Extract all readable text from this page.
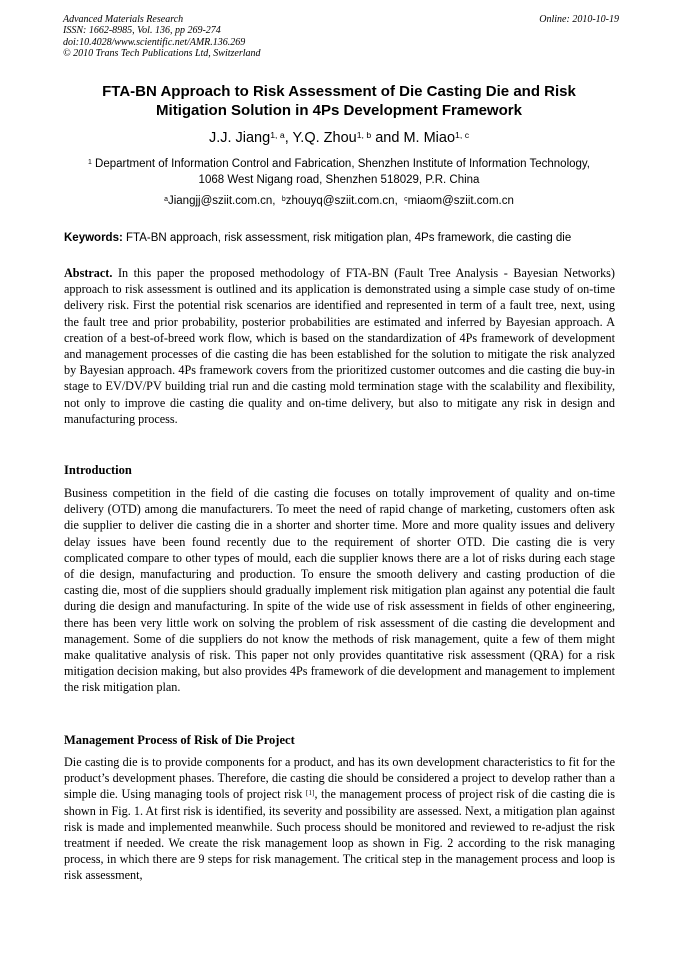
Advanced Materials Research
ISSN: 1662-8985, Vol. 136, pp 269-274
doi:10.4028/www.scientific.net/AMR.136.269
© 2010 Trans Tech Publications Ltd, Switzerland
Online: 2010-10-19
FTA-BN Approach to Risk Assessment of Die Casting Die and Risk
Mitigation Solution in 4Ps Development Framework
J.J. Jiang$^{1, a}$, Y.Q. Zhou$^{1, b}$ and M. Miao$^{1, c}$
$^1$ Department of Information Control and Fabrication, Shenzhen Institute of Information Technology,
1068 West Nigang road, Shenzhen 518029, P.R. China
$^a$Jiangjj@sziit.com.cn, $^b$zhouyq@sziit.com.cn, $^c$miaom@sziit.com.cn
Keywords: FTA-BN approach, risk assessment, risk mitigation plan, 4Ps framework, die casting die
Abstract. In this paper the proposed methodology of FTA-BN (Fault Tree Analysis - Bayesian Networks) approach to risk assessment is outlined and its application is demonstrated using a simple case study of on-time delivery risk. First the potential risk scenarios are identified and represented in term of a fault tree, next, using the fault tree and prior probability, posterior probabilities are estimated and inferred by Bayesian approach. A creation of a best-of-breed work flow, which is based on the standardization of 4Ps framework of development and management processes of die casting die has been established for the solution to mitigate the risk analyzed by Bayesian approach. 4Ps framework covers from the prioritized customer outcomes and die casting die buy-in stage to EV/DV/PV building trial run and die casting mold termination stage with the scalability and flexibility, not only to improve die casting die quality and on-time delivery, but also to mitigate any risk in design and manufacturing process.
Introduction
Business competition in the field of die casting die focuses on totally improvement of quality and on-time delivery (OTD) among die manufacturers. To meet the need of rapid change of marketing, customers often ask die supplier to deliver die casting die in a shorter and shorter time. More and more quality issues and delivery delay issues have been found recently due to the requirement of shorter OTD. Die casting die is very complicated compare to other types of mould, each die supplier knows there are a lot of risks during each stage of die design, manufacturing and production. To ensure the smooth delivery and casting production of die casting die, most of die suppliers should gradually implement risk mitigation plan against any potential die fault during die design and manufacturing. In spite of the wide use of risk assessment in fields of other engineering, there has been very little work on solving the problem of risk assessment of die casting die development and management. Some of die suppliers do not know the methods of risk management, quite a few of them might make qualitative analysis of risk. This paper not only provides quantitative risk assessment (QRA) for a risk mitigation decision making, but also provides 4Ps framework of die development and management to implement the risk mitigation plan.
Management Process of Risk of Die Project
Die casting die is to provide components for a product, and has its own development characteristics to fit for the product’s development phases. Therefore, die casting die should be considered a project to develop rather than a simple die. Using managing tools of project risk [1], the management process of project risk of die casting die is shown in Fig. 1. At first risk is identified, its severity and possibility are assessed. Next, a mitigation plan against risk is made and implemented meanwhile. Such process should be monitored and reviewed to re-adjust the risk treatment if needed. We create the risk management loop as shown in Fig. 2 according to the risk managing process, in which there are 9 steps for risk management. The critical step in the management process and loop is risk assessment,
